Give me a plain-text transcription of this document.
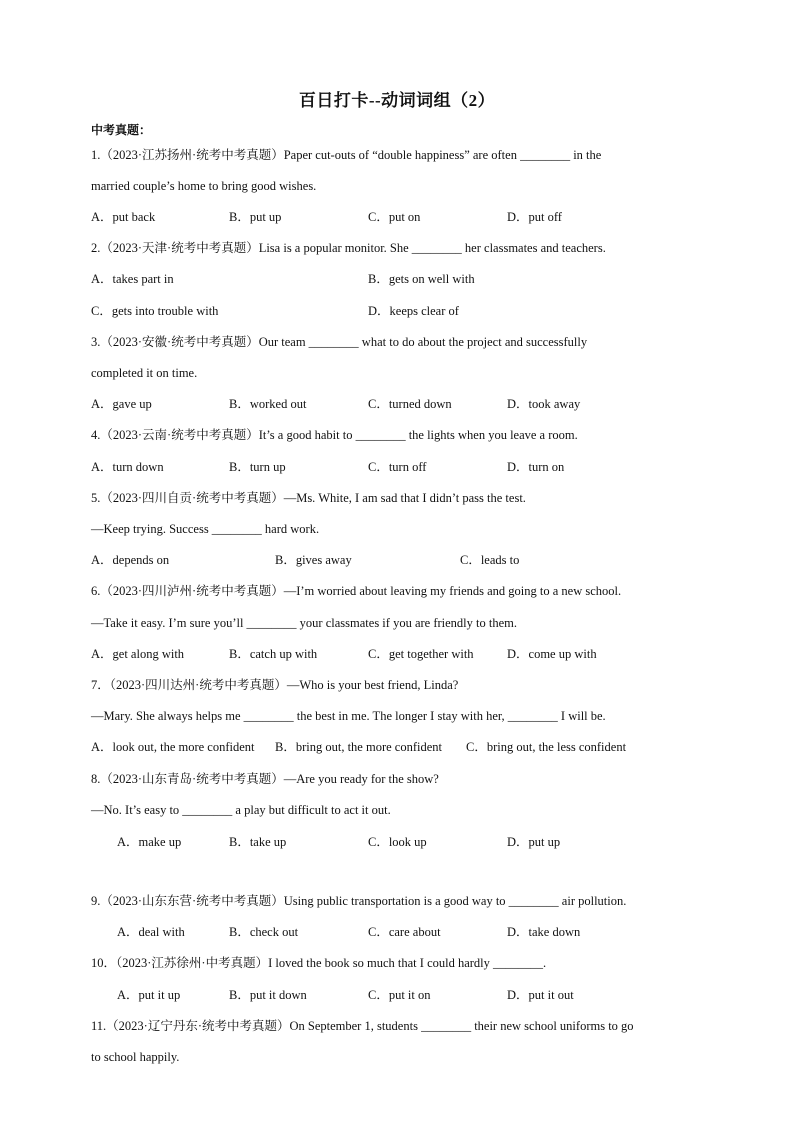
百日打卡--动词词组（2）
中考真题：
1.（2023·江苏扬州·统考中考真题）Paper cut-outs of “double happiness” are often ________ in the
married couple’s home to bring good wishes.
A．put back	B．put up	C．put on	D．put off
2.（2023·天津·统考中考真题）Lisa is a popular monitor. She ________ her classmates and teachers.
A．takes part in	B．gets on well with
C．gets into trouble with	D．keeps clear of
3.（2023·安徽·统考中考真题）Our team ________ what to do about the project and successfully
completed it on time.
A．gave up	B．worked out	C．turned down	D．took away
4.（2023·云南·统考中考真题）It’s a good habit to ________ the lights when you leave a room.
A．turn down	B．turn up	C．turn off	D．turn on
5.（2023·四川自贡·统考中考真题）—Ms. White, I am sad that I didn’t pass the test.
—Keep trying. Success ________ hard work.
A．depends on	B．gives away	C．leads to
6.（2023·四川泸州·统考中考真题）—I’m worried about leaving my friends and going to a new school.
—Take it easy. I’m sure you’ll ________ your classmates if you are friendly to them.
A．get along with	B．catch up with	C．get together with	D．come up with
7．（2023·四川达州·统考中考真题）—Who is your best friend, Linda?
—Mary. She always helps me ________ the best in me. The longer I stay with her, ________ I will be.
A．look out, the more confident B．bring out, the more confident C．bring out, the less confident
8.（2023·山东青岛·统考中考真题）—Are you ready for the show?
—No. It’s easy to ________ a play but difficult to act it out.
A．make up	B．take up	C．look up	D．put up
9.（2023·山东东营·统考中考真题）Using public transportation is a good way to ________ air pollution.
A．deal with	B．check out	C．care about	D．take down
10．（2023·江苏徐州·中考真题）I loved the book so much that I could hardly ________.
A．put it up	B．put it down	C．put it on	D．put it out
11.（2023·辽宁丹东·统考中考真题）On September 1, students ________ their new school uniforms to go
to school happily.
